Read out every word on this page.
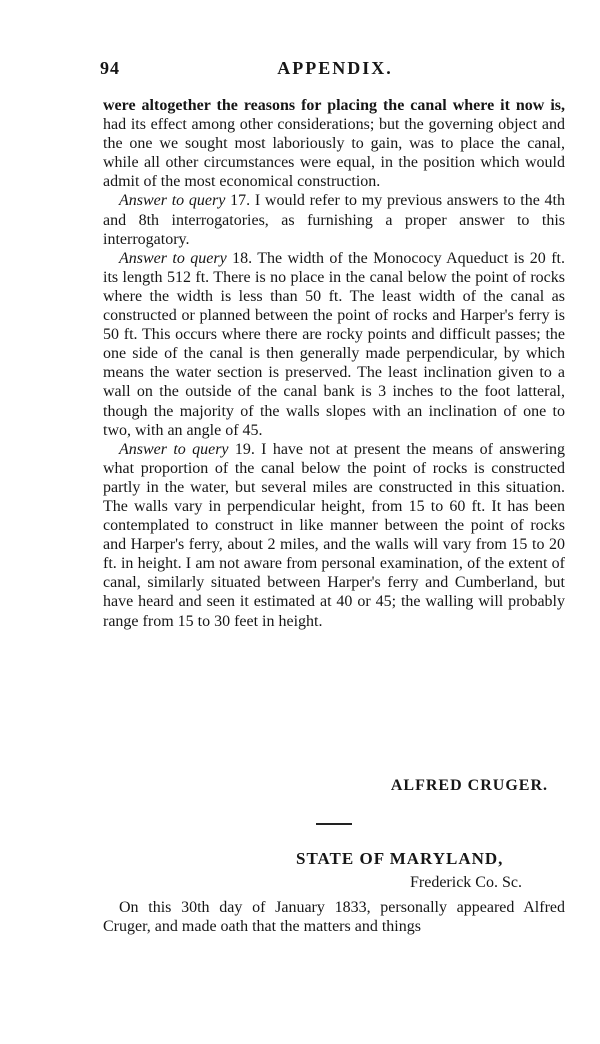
94	APPENDIX.

were altogether the reasons for placing the canal where it now is, had its effect among other considerations; but the governing object and the one we sought most laboriously to gain, was to place the canal, while all other circumstances were equal, in the position which would admit of the most economical construction.

Answer to query 17. I would refer to my previous answers to the 4th and 8th interrogatories, as furnishing a proper answer to this interrogatory.

Answer to query 18. The width of the Monococy Aqueduct is 20 ft. its length 512 ft. There is no place in the canal below the point of rocks where the width is less than 50 ft. The least width of the canal as constructed or planned between the point of rocks and Harper's ferry is 50 ft. This occurs where there are rocky points and difficult passes; the one side of the canal is then generally made perpendicular, by which means the water section is preserved. The least inclination given to a wall on the outside of the canal bank is 3 inches to the foot latteral, though the majority of the walls slopes with an inclination of one to two, with an angle of 45.

Answer to query 19. I have not at present the means of answering what proportion of the canal below the point of rocks is constructed partly in the water, but several miles are constructed in this situation. The walls vary in perpendicular height, from 15 to 60 ft. It has been contemplated to construct in like manner between the point of rocks and Harper's ferry, about 2 miles, and the walls will vary from 15 to 20 ft. in height. I am not aware from personal examination, of the extent of canal, similarly situated between Harper's ferry and Cumberland, but have heard and seen it estimated at 40 or 45; the walling will probably range from 15 to 30 feet in height.

ALFRED CRUGER.
STATE OF MARYLAND,
Frederick Co. Sc.

On this 30th day of January 1833, personally appeared Alfred Cruger, and made oath that the matters and things
